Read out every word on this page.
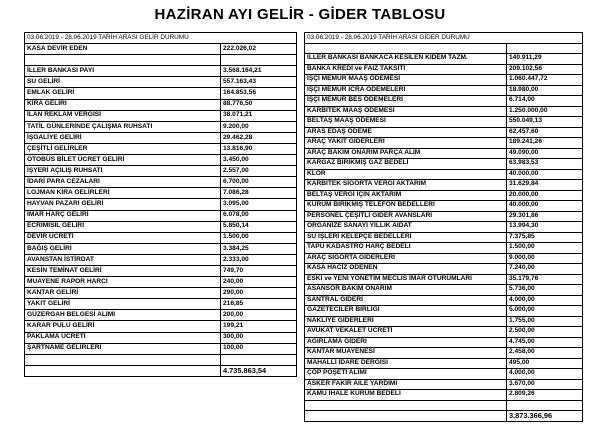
HAZİRAN AYI GELİR - GİDER TABLOSU
03.06.2019 - 28.06.2019 TARİH ARASI GELİR DURUMU	
KASA DEVİR EDEN	222.026,02

İLLER BANKASI PAYI	3.568.164,21
SU GELİRİ	557.163,43
EMLAK GELİRİ	164.853,56
KİRA GELİRİ	88.776,50
İLAN REKLAM VERGİSİ	38.071,21
TATİL GÜNLERİNDE ÇALIŞMA RUHSATI	9.200,00
İŞGALİYE GELİRİ	29.462,28
ÇEŞİTLİ GELİRLER	13.816,90
OTOBÜS BİLET ÜCRET GELİRİ	3.450,00
İŞYERİ AÇILIŞ RUHSATI	2.557,00
İDARİ PARA CEZALARI	6.700,00
LOJMAN KİRA GELİRLERİ	7.086,28
HAYVAN PAZARI GELİRİ	3.095,00
İMAR HARÇ GELİRİ	6.078,00
ECRİMİSİL GELİRİ	5.850,14
DEVİR ÜCRETİ	1.500,00
BAĞIŞ GELİRİ	3.384,25
AVANSTAN İSTİRDAT	2.333,00
KESİN TEMİNAT GELİRİ	749,70
MUAYENE RAPOR HARCI	240,00
KANTAR GELİRİ	290,00
YAKIT GELİRİ	216,85
GÜZERGAH BELGESİ ALIMI	200,00
KARAR PULU GELİRİ	199,21
PAKLAMA ÜCRETİ	300,00
ŞARTNAME GELİRLERİ	100,00

	4.735.863,54
03.06.2019 - 28.06.2019 TARİH ARASI GİDER DURUMU	

İLLER BANKASI BANKACA KESİLEN KIDEM TAZM.	140.911,29
BANKA KREDİ ve FAİZ TAKSİTİ	209.102,56
İŞÇİ MEMUR MAAŞ ÖDEMESİ	1.060.447,72
İŞÇİ MEMUR İCRA ÖDEMELERİ	18.980,00
İŞÇİ MEMUR BES ÖDEMELERİ	6.714,00
KARBİTEK MAAŞ ÖDEMESİ	1.250.000,00
BELTAŞ MAAŞ ÖDEMESİ	550.049,13
ARAS EDAŞ ÖDEME	62.457,60
ARAÇ YAKIT GİDERLERİ	189.241,26
ARAÇ BAKIM ONARIM PARÇA ALIM	49.090,00
KARGAZ BİRİKMİŞ GAZ BEDELİ	63.983,53
KLOR	40.000,00
KARBİTEK SİGORTA VERGİ AKTARIM	31.629,84
BELTAŞ VERGİ İÇİN AKTARIM	20.000,00
KURUM BİRİKMİŞ TELEFON BEDELLERİ	40.000,00
PERSONEL ÇEŞİTLİ GİDER AVANSLARI	29.301,86
ORGANİZE SANAYİ YILLIK AİDAT	13.994,30
SU İŞLERİ KELEPÇE BEDELLERİ	7.375,85
TAPU KADASTRO HARÇ BEDELİ	1.500,00
ARAÇ SİGORTA GİDERLERİ	9.000,00
KASA HACİZ ÖDENEN	7.240,00
ESKİ ve YENİ YÖNETİM MECLİS İMAR OTURUMLARI	35.179,76
ASANSÖR BAKIM ONARIM	5.736,00
SANTRAL GİDERİ	4.000,00
GAZETECİLER BİRLİĞİ	5.000,00
NAKLİYE GİDERLERİ	1.755,00
AVUKAT VEKALET ÜCRETİ	2.500,00
AĞIRLAMA GİDERİ	4.745,00
KANTAR MUAYENESİ	2.458,00
MAHALLİ İDARE DERGİSİ	495,00
ÇÖP POŞETİ ALIMI	4.000,00
ASKER FAKİR AİLE YARDIMI	3.670,00
KAMU İHALE KURUM BEDELİ	2.809,26

	3.873.366,96
